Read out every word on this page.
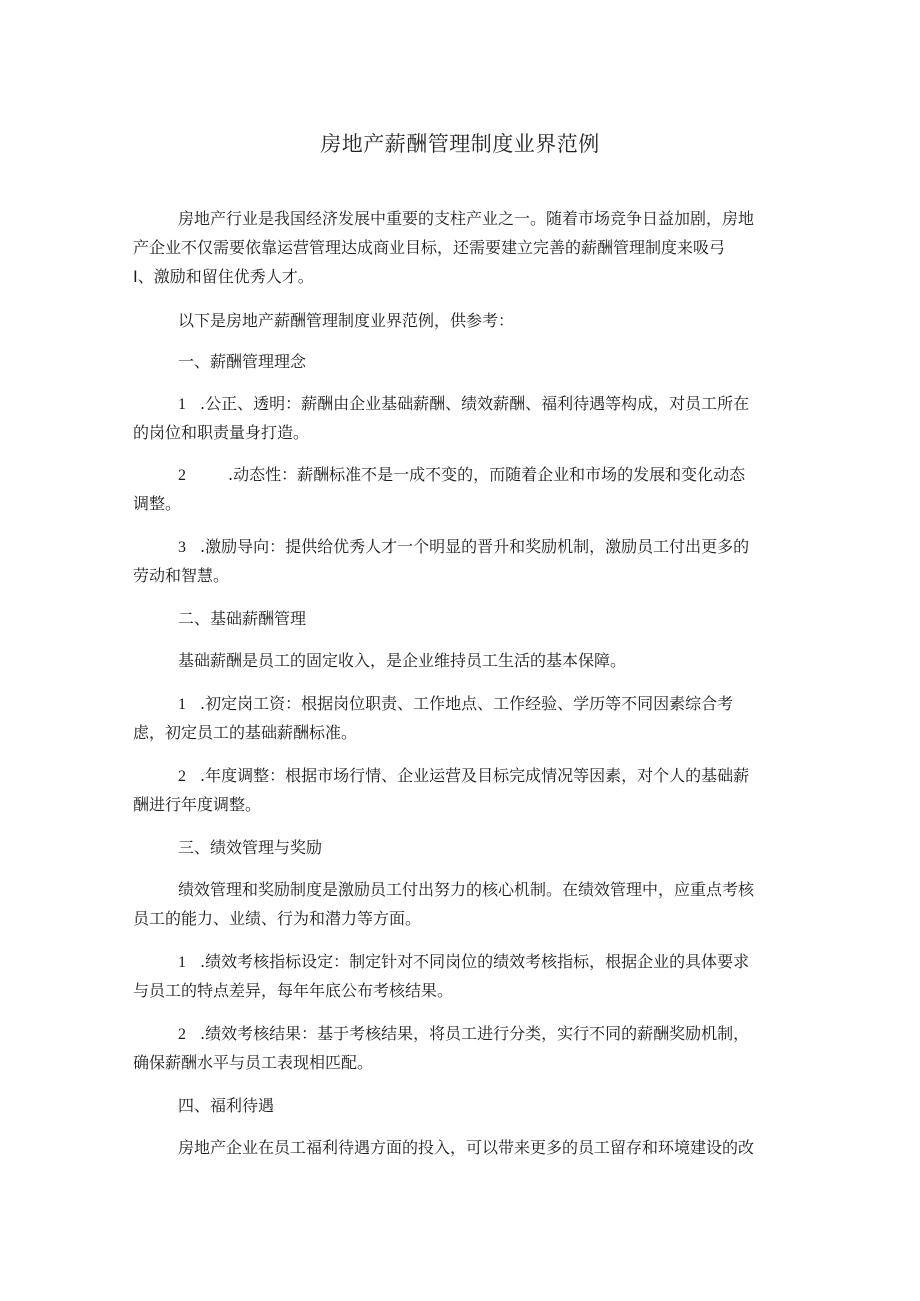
房地产薪酬管理制度业界范例
房地产行业是我国经济发展中重要的支柱产业之一。随着市场竞争日益加剧，房地
产企业不仅需要依靠运营管理达成商业目标，还需要建立完善的薪酬管理制度来吸弓
I、激励和留住优秀人才。
以下是房地产薪酬管理制度业界范例，供参考：
一、薪酬管理理念
1 .公正、透明：薪酬由企业基础薪酬、绩效薪酬、福利待遇等构成，对员工所在
的岗位和职责量身打造。
2	.动态性：薪酬标准不是一成不变的，而随着企业和市场的发展和变化动态
调整。
3 .激励导向：提供给优秀人才一个明显的晋升和奖励机制，激励员工付出更多的
劳动和智慧。
二、基础薪酬管理
基础薪酬是员工的固定收入，是企业维持员工生活的基本保障。
1 .初定岗工资：根据岗位职责、工作地点、工作经验、学历等不同因素综合考
虑，初定员工的基础薪酬标准。
2 .年度调整：根据市场行情、企业运营及目标完成情况等因素，对个人的基础薪
酬进行年度调整。
三、绩效管理与奖励
绩效管理和奖励制度是激励员工付出努力的核心机制。在绩效管理中，应重点考核
员工的能力、业绩、行为和潜力等方面。
1 .绩效考核指标设定：制定针对不同岗位的绩效考核指标，根据企业的具体要求
与员工的特点差异，每年年底公布考核结果。
2 .绩效考核结果：基于考核结果，将员工进行分类，实行不同的薪酬奖励机制，
确保薪酬水平与员工表现相匹配。
四、福利待遇
房地产企业在员工福利待遇方面的投入，可以带来更多的员工留存和环境建设的改
